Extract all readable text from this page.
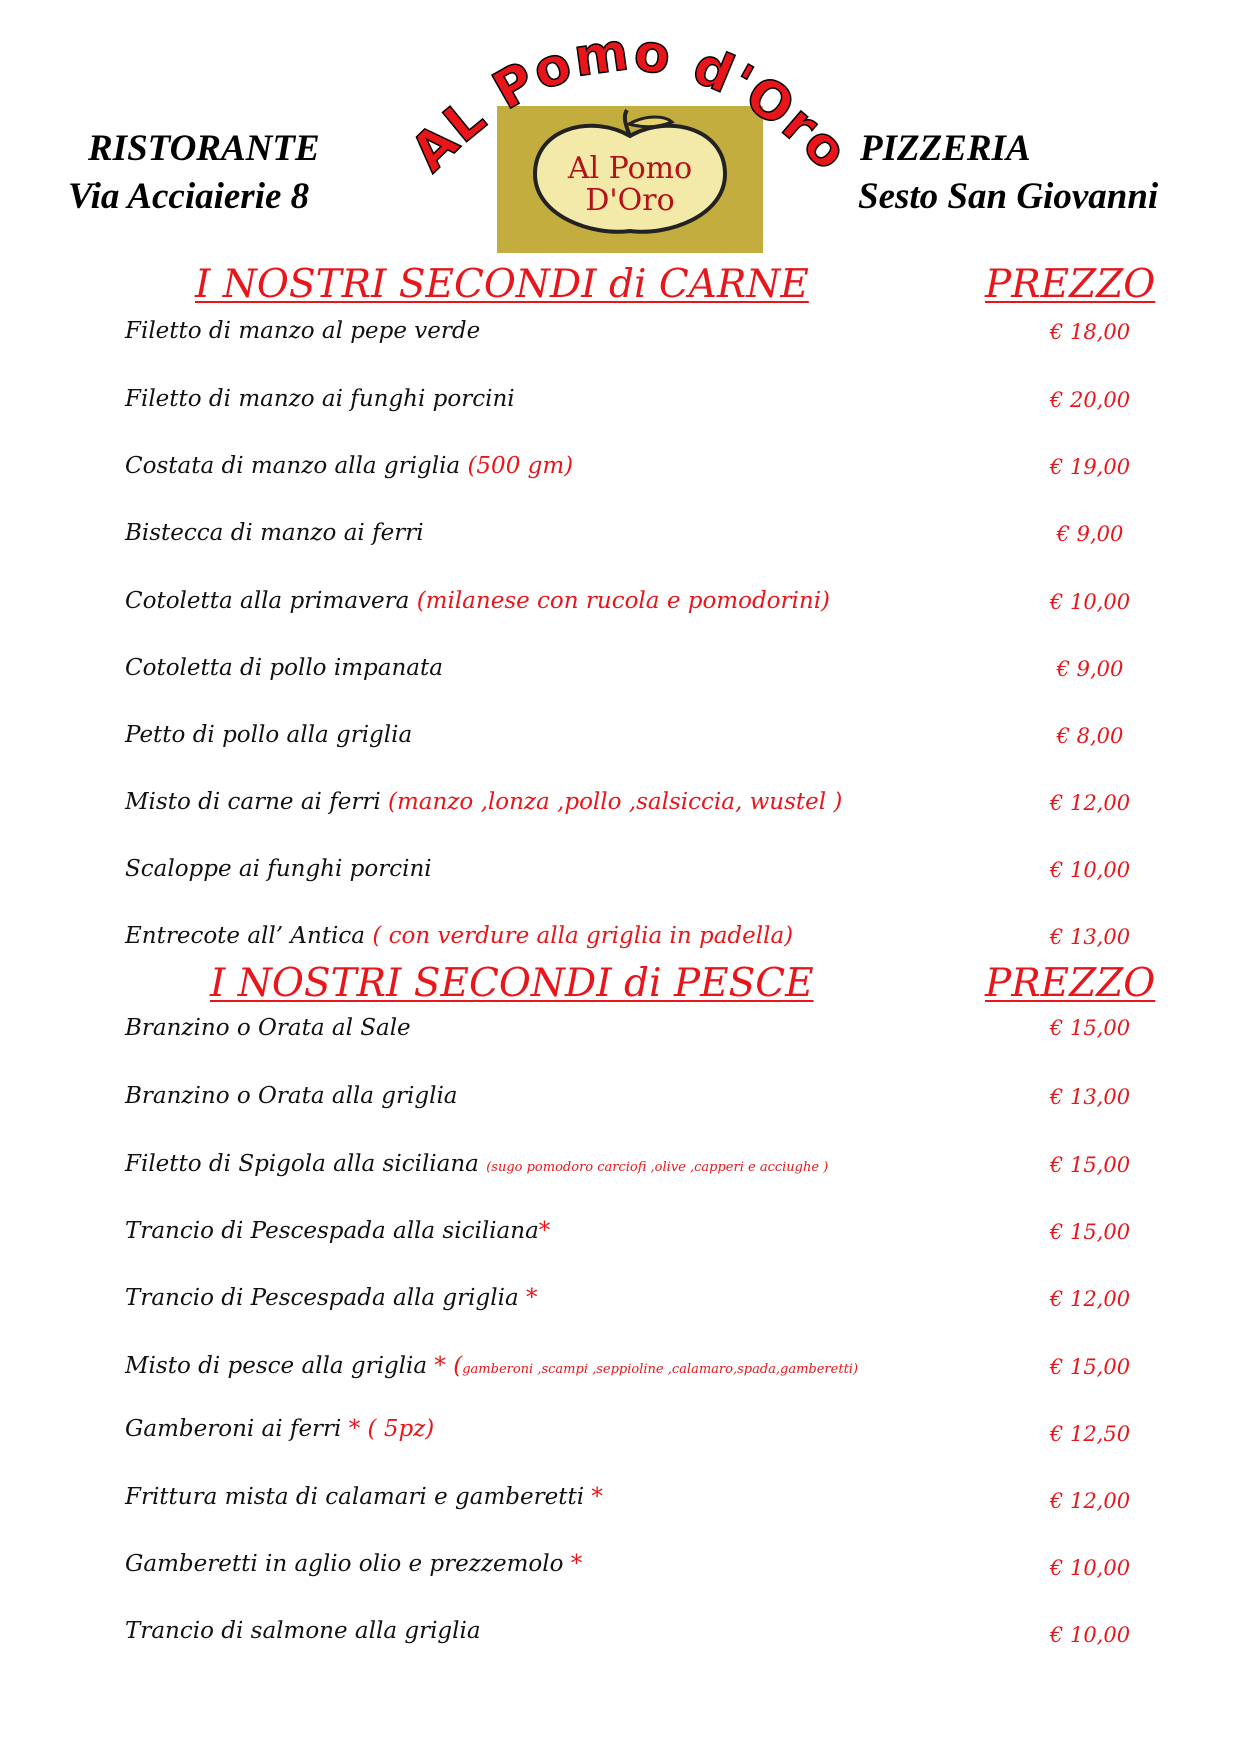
RISTORANTE
Via Acciaierie 8
PIZZERIA
Sesto San Giovanni
Al Pomo
D'Oro
AL Pomo d'Oro
I NOSTRI SECONDI di CARNE	PREZZO
Filetto di manzo al pepe verde	€ 18,00
Filetto di manzo ai funghi porcini	€ 20,00
Costata di manzo alla griglia (500 gm)	€ 19,00
Bistecca di manzo ai ferri	€ 9,00
Cotoletta alla primavera (milanese con rucola e pomodorini)	€ 10,00
Cotoletta di pollo impanata	€ 9,00
Petto di pollo alla griglia	€ 8,00
Misto di carne ai ferri (manzo ,lonza ,pollo ,salsiccia, wustel )	€ 12,00
Scaloppe ai funghi porcini	€ 10,00
Entrecote all’ Antica ( con verdure alla griglia in padella)	€ 13,00
I NOSTRI SECONDI di PESCE	PREZZO
Branzino o Orata al Sale	€ 15,00
Branzino o Orata alla griglia	€ 13,00
Filetto di Spigola alla siciliana (sugo pomodoro carciofi ,olive ,capperi e acciughe )	€ 15,00
Trancio di Pescespada alla siciliana*	€ 15,00
Trancio di Pescespada alla griglia *	€ 12,00
Misto di pesce alla griglia * (gamberoni ,scampi ,seppioline ,calamaro,spada,gamberetti)	€ 15,00
Gamberoni ai ferri * ( 5pz)	€ 12,50
Frittura mista di calamari e gamberetti *	€ 12,00
Gamberetti in aglio olio e prezzemolo *	€ 10,00
Trancio di salmone alla griglia	€ 10,00
